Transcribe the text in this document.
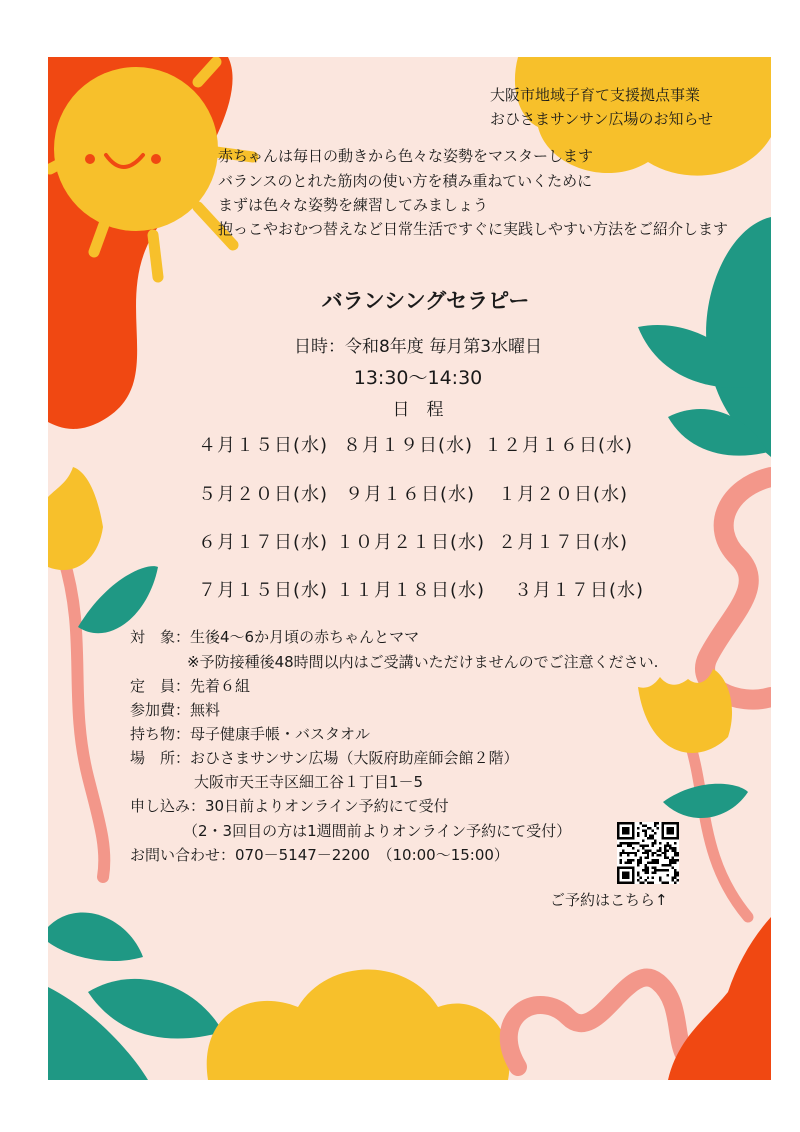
大阪市地域子育て支援拠点事業
おひさまサンサン広場のお知らせ
赤ちゃんは毎日の動きから色々な姿勢をマスターします
バランスのとれた筋肉の使い方を積み重ねていくために
まずは色々な姿勢を練習してみましょう
抱っこやおむつ替えなど日常生活ですぐに実践しやすい方法をご紹介します
バランシングセラピー
日時：令和8年度 毎月第3水曜日
13:30～14:30
日　程
４月１５日(水) ８月１９日(水) １２月１６日(水)
５月２０日(水) ９月１６日(水) １月２０日(水)
６月１７日(水) １０月２１日(水) ２月１７日(水)
７月１５日(水) １１月１８日(水) ３月１７日(水)
対　象：生後4～6か月頃の赤ちゃんとママ
※予防接種後48時間以内はご受講いただけませんのでご注意ください.
定　員：先着６組
参加費：無料
持ち物：母子健康手帳・バスタオル
場　所：おひさまサンサン広場（大阪府助産師会館２階）
大阪市天王寺区細工谷１丁目1－5
申し込み：30日前よりオンライン予約にて受付
（2・3回目の方は1週間前よりオンライン予約にて受付）
お問い合わせ：070－5147－2200　（10:00～15:00）
ご予約はこちら↑
